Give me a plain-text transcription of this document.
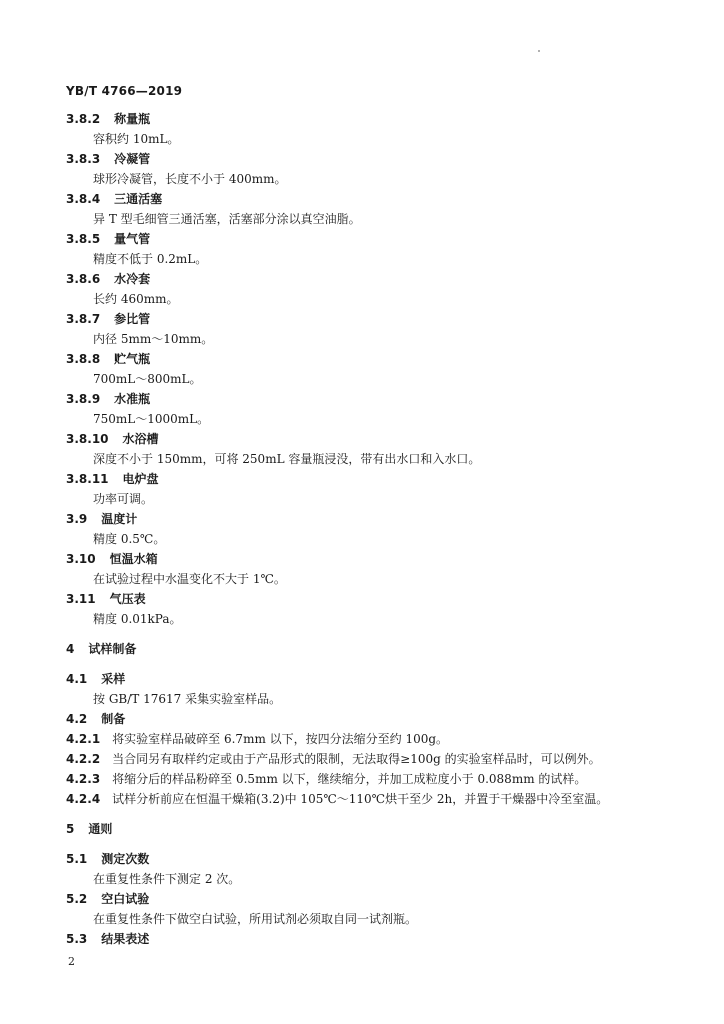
YB/T 4766—2019
3.8.2 称量瓶
容积约 10mL。
3.8.3 冷凝管
球形冷凝管，长度不小于 400mm。
3.8.4 三通活塞
异 T 型毛细管三通活塞，活塞部分涂以真空油脂。
3.8.5 量气管
精度不低于 0.2mL。
3.8.6 水冷套
长约 460mm。
3.8.7 参比管
内径 5mm～10mm。
3.8.8 贮气瓶
700mL～800mL。
3.8.9 水准瓶
750mL～1000mL。
3.8.10 水浴槽
深度不小于 150mm，可将 250mL 容量瓶浸没，带有出水口和入水口。
3.8.11 电炉盘
功率可调。
3.9 温度计
精度 0.5℃。
3.10 恒温水箱
在试验过程中水温变化不大于 1℃。
3.11 气压表
精度 0.01kPa。
4 试样制备
4.1 采样
按 GB/T 17617 采集实验室样品。
4.2 制备
4.2.1 将实验室样品破碎至 6.7mm 以下，按四分法缩分至约 100g。
4.2.2 当合同另有取样约定或由于产品形式的限制，无法取得≥100g 的实验室样品时，可以例外。
4.2.3 将缩分后的样品粉碎至 0.5mm 以下，继续缩分，并加工成粒度小于 0.088mm 的试样。
4.2.4 试样分析前应在恒温干燥箱(3.2)中 105℃～110℃烘干至少 2h，并置于干燥器中冷至室温。
5 通则
5.1 测定次数
在重复性条件下测定 2 次。
5.2 空白试验
在重复性条件下做空白试验，所用试剂必须取自同一试剂瓶。
5.3 结果表述
2
